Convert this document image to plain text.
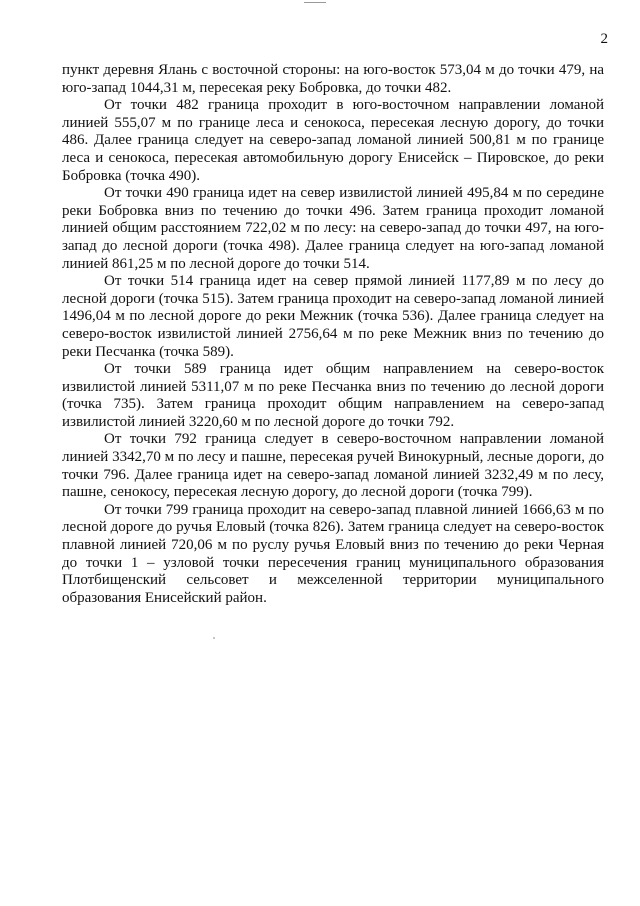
2

пункт деревня Ялань с восточной стороны: на юго-восток 573,04 м до точки 479, на юго-запад 1044,31 м, пересекая реку Бобровка, до точки 482.

От точки 482 граница проходит в юго-восточном направлении ломаной линией 555,07 м по границе леса и сенокоса, пересекая лесную дорогу, до точки 486. Далее граница следует на северо-запад ломаной линией 500,81 м по границе леса и сенокоса, пересекая автомобильную дорогу Енисейск – Пировское, до реки Бобровка (точка 490).

От точки 490 граница идет на север извилистой линией 495,84 м по середине реки Бобровка вниз по течению до точки 496. Затем граница проходит ломаной линией общим расстоянием 722,02 м по лесу: на северо-запад до точки 497, на юго-запад до лесной дороги (точка 498). Далее граница следует на юго-запад ломаной линией 861,25 м по лесной дороге до точки 514.

От точки 514 граница идет на север прямой линией 1177,89 м по лесу до лесной дороги (точка 515). Затем граница проходит на северо-запад ломаной линией 1496,04 м по лесной дороге до реки Межник (точка 536). Далее граница следует на северо-восток извилистой линией 2756,64 м по реке Межник вниз по течению до реки Песчанка (точка 589).

От точки 589 граница идет общим направлением на северо-восток извилистой линией 5311,07 м по реке Песчанка вниз по течению до лесной дороги (точка 735). Затем граница проходит общим направлением на северо-запад извилистой линией 3220,60 м по лесной дороге до точки 792.

От точки 792 граница следует в северо-восточном направлении ломаной линией 3342,70 м по лесу и пашне, пересекая ручей Винокурный, лесные дороги, до точки 796. Далее граница идет на северо-запад ломаной линией 3232,49 м по лесу, пашне, сенокосу, пересекая лесную дорогу, до лесной дороги (точка 799).

От точки 799 граница проходит на северо-запад плавной линией 1666,63 м по лесной дороге до ручья Еловый (точка 826). Затем граница следует на северо-восток плавной линией 720,06 м по руслу ручья Еловый вниз по течению до реки Черная до точки 1 – узловой точки пересечения границ муниципального образования Плотбищенский сельсовет и межселенной территории муниципального образования Енисейский район.
